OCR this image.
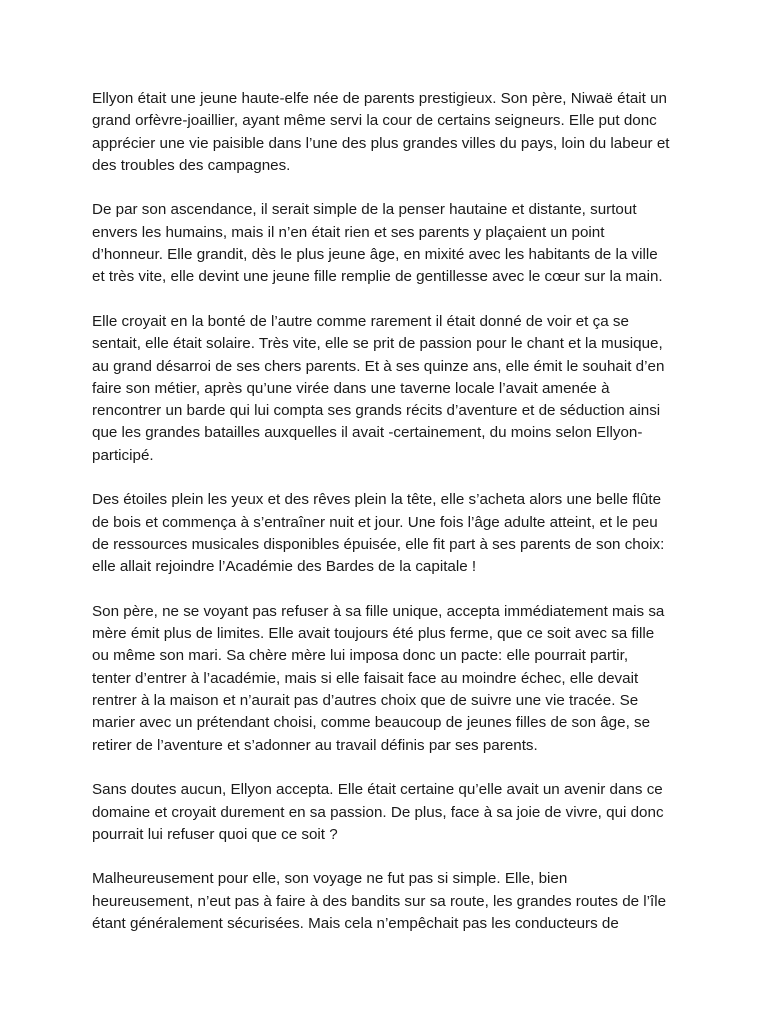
Ellyon était une jeune haute-elfe née de parents prestigieux. Son père, Niwaë était un
grand orfèvre-joaillier, ayant même servi la cour de certains seigneurs. Elle put donc
apprécier une vie paisible dans l’une des plus grandes villes du pays, loin du labeur et
des troubles des campagnes.

De par son ascendance, il serait simple de la penser hautaine et distante, surtout
envers les humains, mais il n’en était rien et ses parents y plaçaient un point
d’honneur. Elle grandit, dès le plus jeune âge, en mixité avec les habitants de la ville
et très vite, elle devint une jeune fille remplie de gentillesse avec le cœur sur la main.

Elle croyait en la bonté de l’autre comme rarement il était donné de voir et ça se
sentait, elle était solaire. Très vite, elle se prit de passion pour le chant et la musique,
au grand désarroi de ses chers parents. Et à ses quinze ans, elle émit le souhait d’en
faire son métier, après qu’une virée dans une taverne locale l’avait amenée à
rencontrer un barde qui lui compta ses grands récits d’aventure et de séduction ainsi
que les grandes batailles auxquelles il avait -certainement, du moins selon Ellyon-
participé.

Des étoiles plein les yeux et des rêves plein la tête, elle s’acheta alors une belle flûte
de bois et commença à s’entraîner nuit et jour. Une fois l’âge adulte atteint, et le peu
de ressources musicales disponibles épuisée, elle fit part à ses parents de son choix:
elle allait rejoindre l’Académie des Bardes de la capitale !

Son père, ne se voyant pas refuser à sa fille unique, accepta immédiatement mais sa
mère émit plus de limites. Elle avait toujours été plus ferme, que ce soit avec sa fille
ou même son mari. Sa chère mère lui imposa donc un pacte: elle pourrait partir,
tenter d’entrer à l’académie, mais si elle faisait face au moindre échec, elle devait
rentrer à la maison et n’aurait pas d’autres choix que de suivre une vie tracée. Se
marier avec un prétendant choisi, comme beaucoup de jeunes filles de son âge, se
retirer de l’aventure et s’adonner au travail définis par ses parents.

Sans doutes aucun, Ellyon accepta. Elle était certaine qu’elle avait un avenir dans ce
domaine et croyait durement en sa passion. De plus, face à sa joie de vivre, qui donc
pourrait lui refuser quoi que ce soit ?

Malheureusement pour elle, son voyage ne fut pas si simple. Elle, bien
heureusement, n’eut pas à faire à des bandits sur sa route, les grandes routes de l’île
étant généralement sécurisées. Mais cela n’empêchait pas les conducteurs de
